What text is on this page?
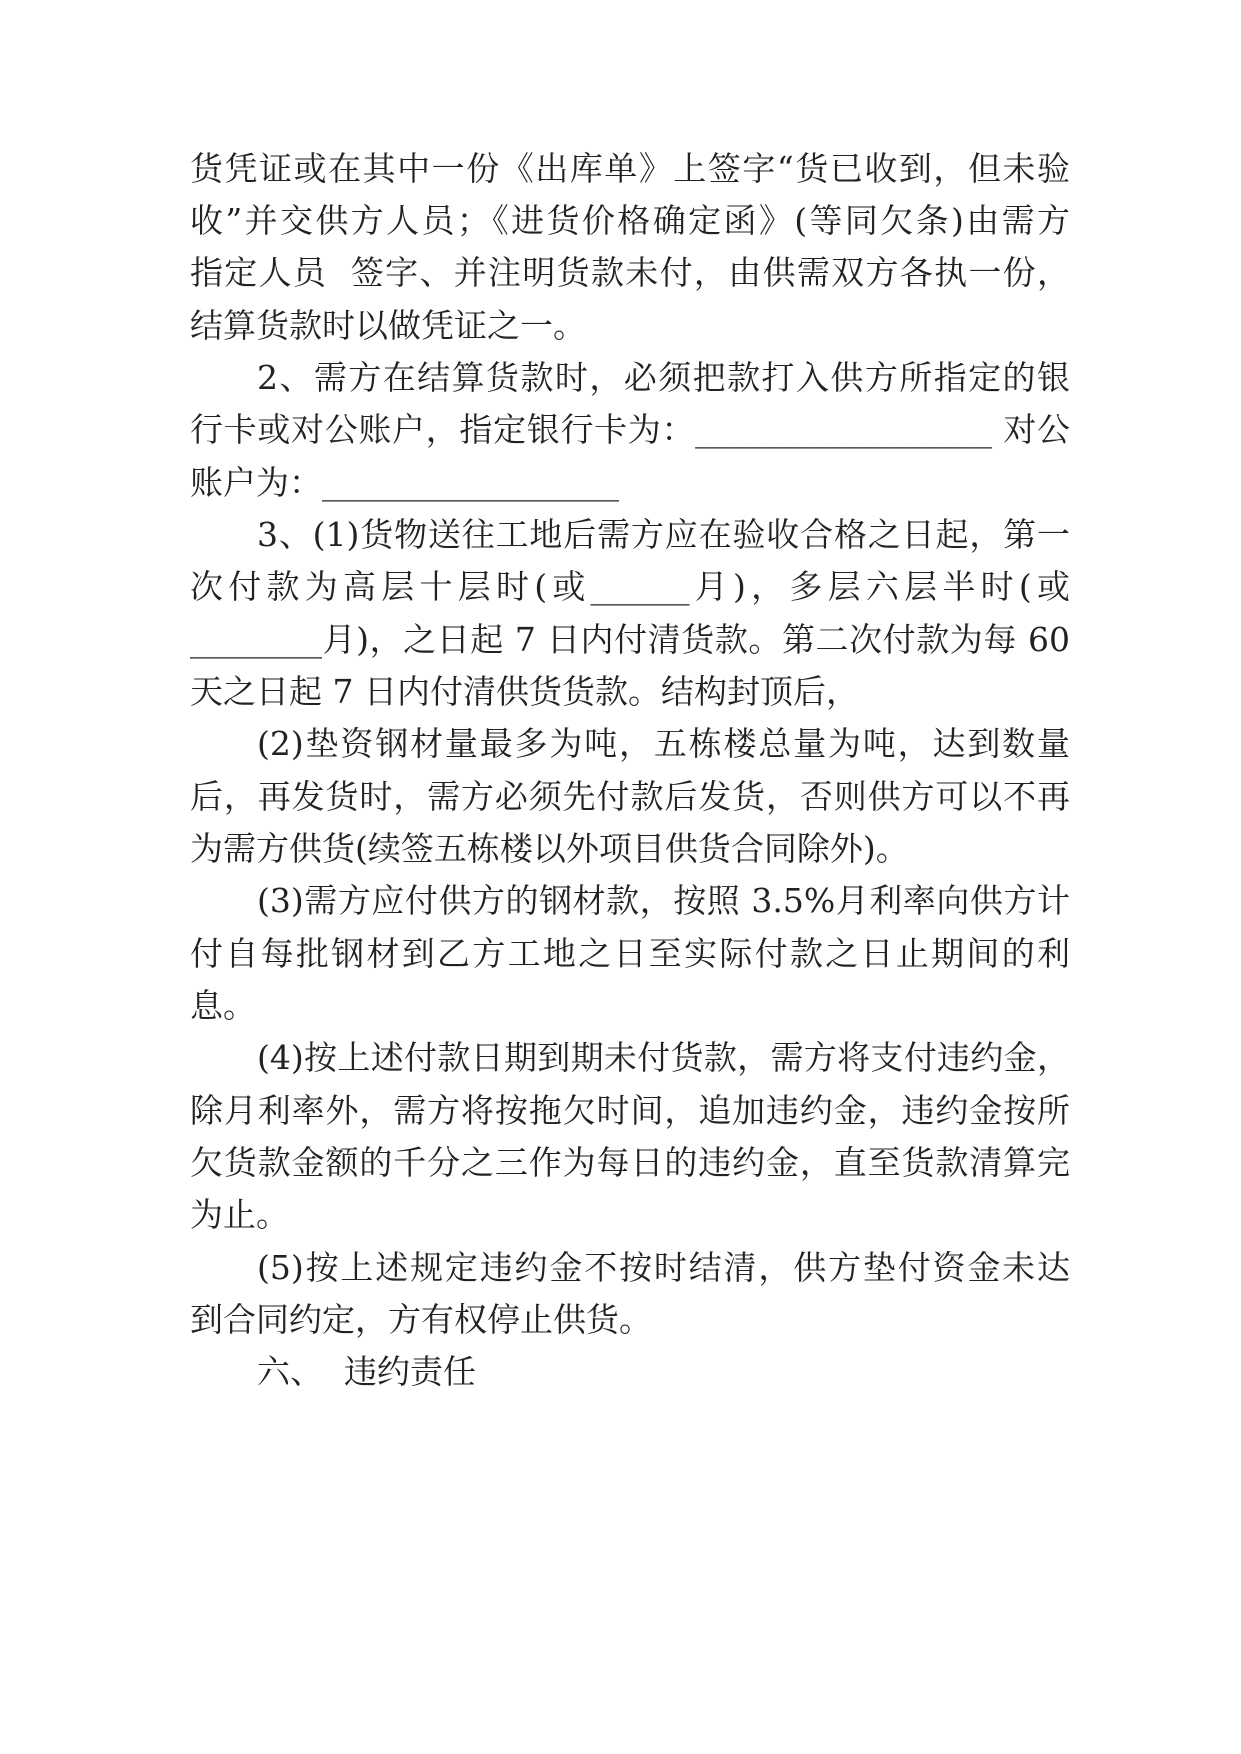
货凭证或在其中一份《出库单》上签字“货已收到，但未验

收”并交供方人员；《进货价格确定函》(等同欠条)由需方

指定人员  签字、并注明货款未付，由供需双方各执一份，

结算货款时以做凭证之一。

2、需方在结算货款时，必须把款打入供方所指定的银

行卡或对公账户，指定银行卡为：__________________ 对公

账户为：__________________

3、(1)货物送往工地后需方应在验收合格之日起，第一

次付款为高层十层时(或______月)，多层六层半时(或

________月)，之日起 7 日内付清货款。第二次付款为每 60

天之日起 7 日内付清供货货款。结构封顶后，

(2)垫资钢材量最多为吨，五栋楼总量为吨，达到数量

后，再发货时，需方必须先付款后发货，否则供方可以不再

为需方供货(续签五栋楼以外项目供货合同除外)。

(3)需方应付供方的钢材款，按照 3.5%月利率向供方计

付自每批钢材到乙方工地之日至实际付款之日止期间的利

息。

(4)按上述付款日期到期未付货款，需方将支付违约金，

除月利率外，需方将按拖欠时间，追加违约金，违约金按所

欠货款金额的千分之三作为每日的违约金，直至货款清算完

为止。

(5)按上述规定违约金不按时结清，供方垫付资金未达

到合同约定，方有权停止供货。

六、  违约责任
